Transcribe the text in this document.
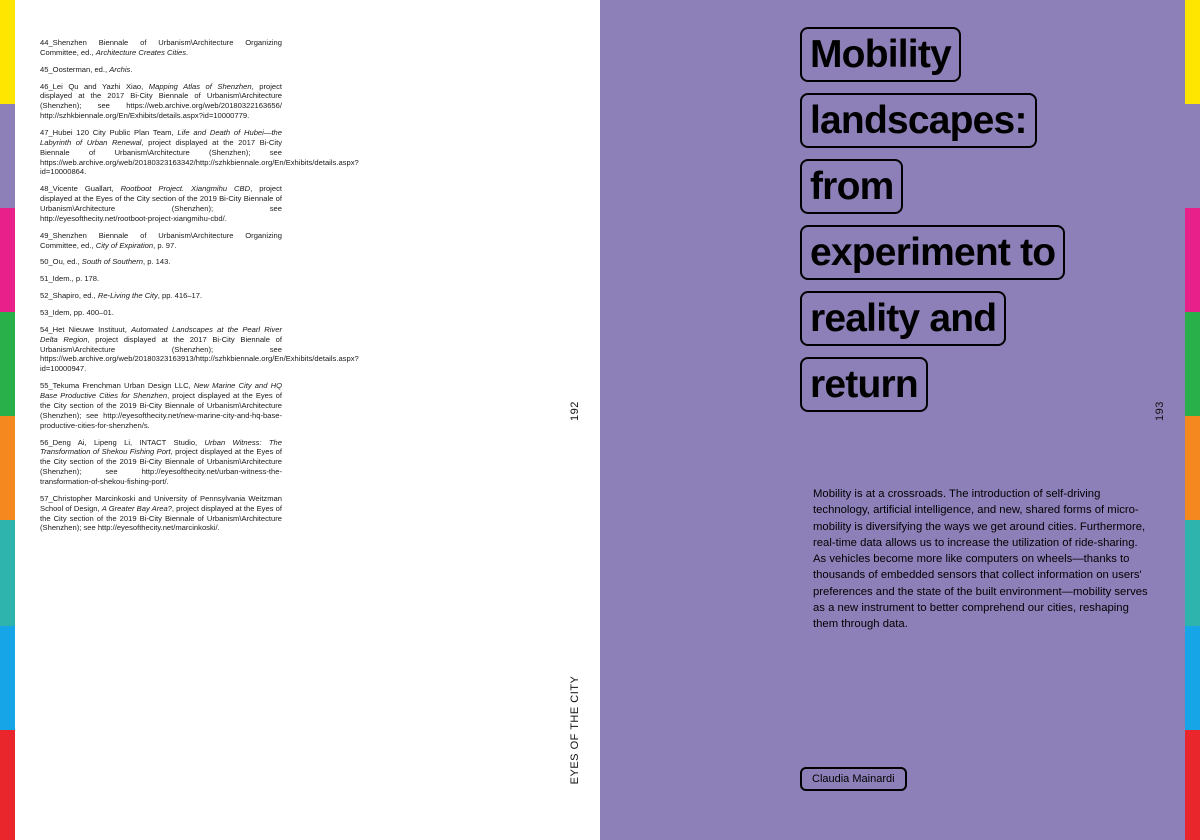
44_Shenzhen Biennale of Urbanism\Architecture Organizing Committee, ed., Architecture Creates Cities.

45_Oosterman, ed., Archis.

46_Lei Qu and Yazhi Xiao, Mapping Atlas of Shenzhen, project displayed at the 2017 Bi-City Biennale of Urbanism\Architecture (Shenzhen); see https://web.archive.org/web/20180322163656/ http://szhkbiennale.org/En/Exhibits/details.aspx?id=10000779.

47_Hubei 120 City Public Plan Team, Life and Death of Hubei—the Labyrinth of Urban Renewal, project displayed at the 2017 Bi-City Biennale of Urbanism\Architecture (Shenzhen); see https://web.archive.org/web/20180323163342/http://szhkbiennale.org/En/Exhibits/details.aspx?id=10000864.

48_Vicente Guallart, Rootboot Project. Xiangmihu CBD, project displayed at the Eyes of the City section of the 2019 Bi-City Biennale of Urbanism\Architecture (Shenzhen); see http://eyesofthecity.net/rootboot-project-xiangmihu-cbd/.

49_Shenzhen Biennale of Urbanism\Architecture Organizing Committee, ed., City of Expiration, p. 97.

50_Ou, ed., South of Southern, p. 143.

51_Idem., p. 178.

52_Shapiro, ed., Re-Living the City, pp. 416–17.

53_Idem, pp. 400–01.

54_Het Nieuwe Instituut, Automated Landscapes at the Pearl River Delta Region, project displayed at the 2017 Bi-City Biennale of Urbanism\Architecture (Shenzhen); see https://web.archive.org/web/20180323163913/http://szhkbiennale.org/En/Exhibits/details.aspx?id=10000947.

55_Tekuma Frenchman Urban Design LLC, New Marine City and HQ Base Productive Cities for Shenzhen, project displayed at the Eyes of the City section of the 2019 Bi-City Biennale of Urbanism\Architecture (Shenzhen); see http://eyesofthecity.net/new-marine-city-and-hq-base-productive-cities-for-shenzhen/s.

56_Deng Ai, Lipeng Li, INTACT Studio, Urban Witness: The Transformation of Shekou Fishing Port, project displayed at the Eyes of the City section of the 2019 Bi-City Biennale of Urbanism\Architecture (Shenzhen); see http://eyesofthecity.net/urban-witness-the-transformation-of-shekou-fishing-port/.

57_Christopher Marcinkoski and University of Pennsylvania Weitzman School of Design, A Greater Bay Area?, project displayed at the Eyes of the City section of the 2019 Bi-City Biennale of Urbanism\Architecture (Shenzhen); see http://eyesofthecity.net/marcinkoski/.

192
EYES OF THE CITY
Mobility
landscapes:
from
experiment to
reality and
return
193
Mobility is at a crossroads. The introduction of self-driving technology, artificial intelligence, and new, shared forms of micro-mobility is diversifying the ways we get around cities. Furthermore, real-time data allows us to increase the utilization of ride-sharing. As vehicles become more like computers on wheels—thanks to thousands of embedded sensors that collect information on users' preferences and the state of the built environment—mobility serves as a new instrument to better comprehend our cities, reshaping them through data.
Claudia Mainardi
